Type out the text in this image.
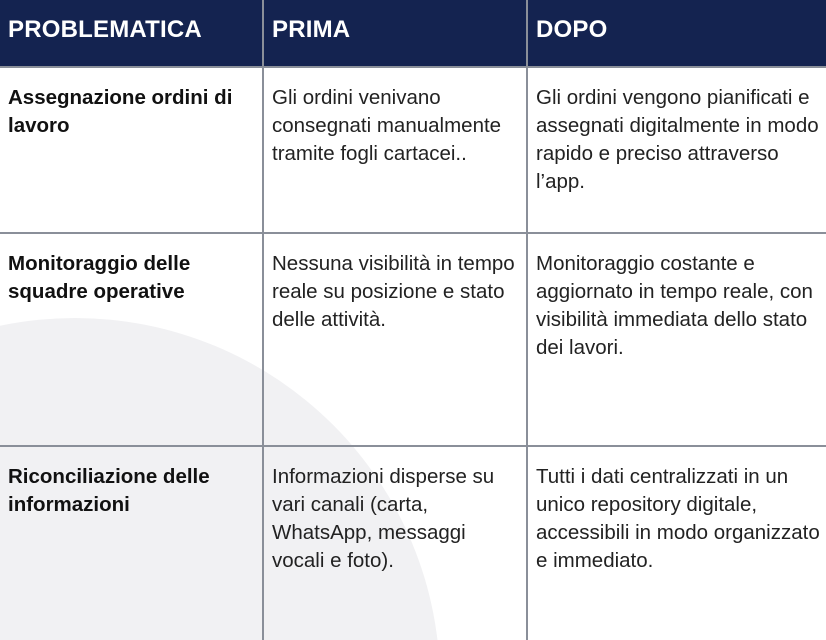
PROBLEMATICA	PRIMA	DOPO
Assegnazione ordini di lavoro	Gli ordini venivano consegnati manualmente tramite fogli cartacei..	Gli ordini vengono pianificati e assegnati digitalmente in modo rapido e preciso attraverso l’app.
Monitoraggio delle squadre operative	Nessuna visibilità in tempo reale su posizione e stato delle attività.	Monitoraggio costante e aggiornato in tempo reale, con visibilità immediata dello stato dei lavori.
Riconciliazione delle informazioni	Informazioni disperse su vari canali (carta, WhatsApp, messaggi vocali e foto).	Tutti i dati centralizzati in un unico repository digitale, accessibili in modo organizzato e immediato.
